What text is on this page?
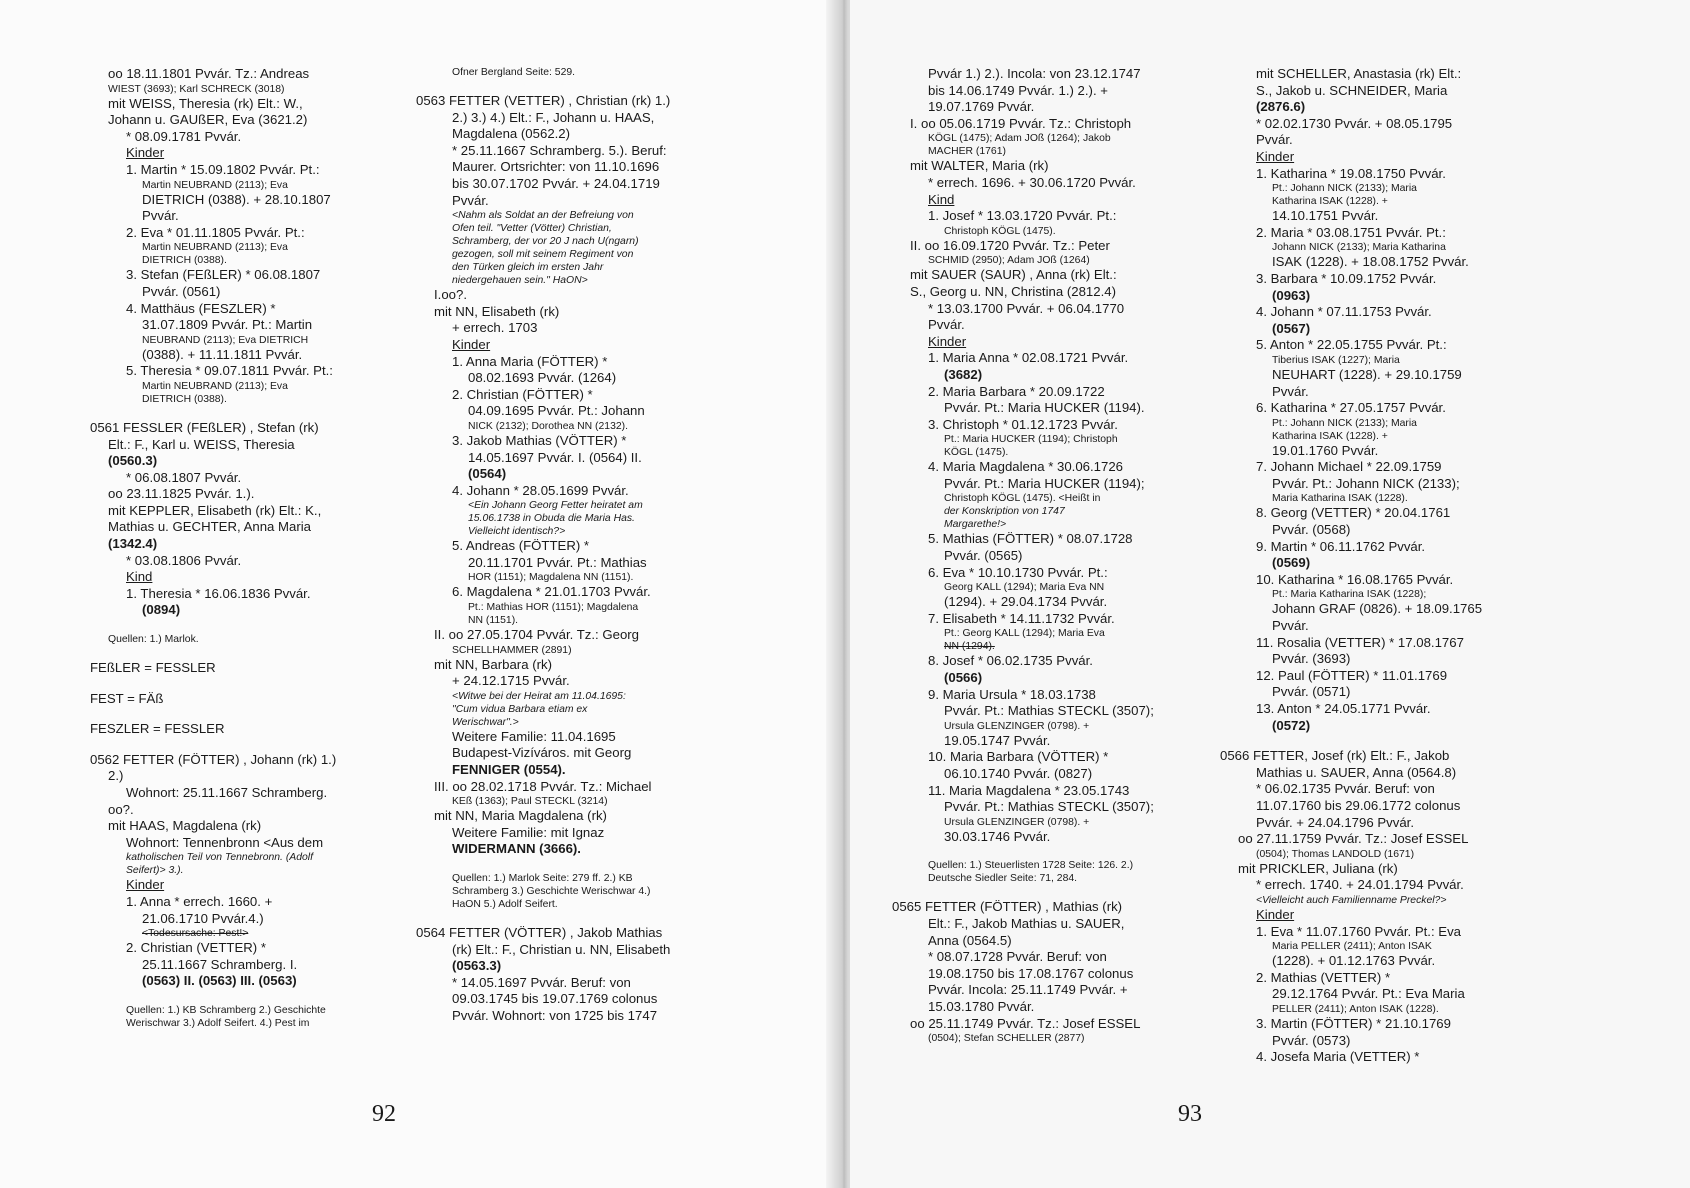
oo 18.11.1801 Pvvár. Tz.: Andreas

WIEST (3693); Karl SCHRECK (3018)

mit WEISS, Theresia (rk) Elt.: W.,

Johann u. GAUßER, Eva (3621.2)

* 08.09.1781 Pvvár.

Kinder

1. Martin * 15.09.1802 Pvvár. Pt.:

Martin NEUBRAND (2113); Eva

DIETRICH (0388). + 28.10.1807

Pvvár.

2. Eva * 01.11.1805 Pvvár. Pt.:

Martin NEUBRAND (2113); Eva

DIETRICH (0388).

3. Stefan (FEßLER) * 06.08.1807

Pvvár. (0561)

4. Matthäus (FESZLER) *

31.07.1809 Pvvár. Pt.: Martin

NEUBRAND (2113); Eva DIETRICH

(0388). + 11.11.1811 Pvvár.

5. Theresia * 09.07.1811 Pvvár. Pt.:

Martin NEUBRAND (2113); Eva

DIETRICH (0388).

0561 FESSLER (FEßLER) , Stefan (rk)

Elt.: F., Karl u. WEISS, Theresia

(0560.3)

* 06.08.1807 Pvvár.

oo 23.11.1825 Pvvár. 1.).

mit KEPPLER, Elisabeth (rk) Elt.: K.,

Mathias u. GECHTER, Anna Maria

(1342.4)

* 03.08.1806 Pvvár.

Kind

1. Theresia * 16.06.1836 Pvvár.

(0894)

Quellen: 1.) Marlok.

FEßLER = FESSLER

FEST = FÄß

FESZLER = FESSLER

0562 FETTER (FÖTTER) , Johann (rk) 1.)

2.)

Wohnort: 25.11.1667 Schramberg.

oo?.

mit HAAS, Magdalena (rk)

Wohnort: Tennenbronn <Aus dem

katholischen Teil von Tennebronn. (Adolf

Seifert)> 3.).

Kinder

1. Anna * errech. 1660. +

21.06.1710 Pvvár.4.)

<Todesursache: Pest!>

2. Christian (VETTER) *

25.11.1667 Schramberg. I.

(0563) II. (0563) III. (0563)

Quellen: 1.) KB Schramberg 2.) Geschichte

Werischwar 3.) Adolf Seifert. 4.) Pest im

Ofner Bergland Seite: 529.

0563 FETTER (VETTER) , Christian (rk) 1.)

2.) 3.) 4.) Elt.: F., Johann u. HAAS,

Magdalena (0562.2)

* 25.11.1667 Schramberg. 5.). Beruf:

Maurer. Ortsrichter: von 11.10.1696

bis 30.07.1702 Pvvár. + 24.04.1719

Pvvár.

<Nahm als Soldat an der Befreiung von

Ofen teil. "Vetter (Vötter) Christian,

Schramberg, der vor 20 J nach U(ngarn)

gezogen, soll mit seinem Regiment von

den Türken gleich im ersten Jahr

niedergehauen sein." HaON>

I.oo?.

mit NN, Elisabeth (rk)

+ errech. 1703

Kinder

1. Anna Maria (FÖTTER) *

08.02.1693 Pvvár. (1264)

2. Christian (FÖTTER) *

04.09.1695 Pvvár. Pt.: Johann

NICK (2132); Dorothea NN (2132).

3. Jakob Mathias (VÖTTER) *

14.05.1697 Pvvár. I. (0564) II.

(0564)

4. Johann * 28.05.1699 Pvvár.

<Ein Johann Georg Fetter heiratet am

15.06.1738 in Obuda die Maria Has.

Vielleicht identisch?>

5. Andreas (FÖTTER) *

20.11.1701 Pvvár. Pt.: Mathias

HOR (1151); Magdalena NN (1151).

6. Magdalena * 21.01.1703 Pvvár.

Pt.: Mathias HOR (1151); Magdalena

NN (1151).

II. oo 27.05.1704 Pvvár. Tz.: Georg

SCHELLHAMMER (2891)

mit NN, Barbara (rk)

+ 24.12.1715 Pvvár.

<Witwe bei der Heirat am 11.04.1695:

"Cum vidua Barbara etiam ex

Werischwar".>

Weitere Familie: 11.04.1695

Budapest-Vizíváros. mit Georg

FENNIGER (0554).

III. oo 28.02.1718 Pvvár. Tz.: Michael

KEß (1363); Paul STECKL (3214)

mit NN, Maria Magdalena (rk)

Weitere Familie: mit Ignaz

WIDERMANN (3666).

Quellen: 1.) Marlok Seite: 279 ff. 2.) KB

Schramberg 3.) Geschichte Werischwar 4.)

HaON 5.) Adolf Seifert.

0564 FETTER (VÖTTER) , Jakob Mathias

(rk) Elt.: F., Christian u. NN, Elisabeth

(0563.3)

* 14.05.1697 Pvvár. Beruf: von

09.03.1745 bis 19.07.1769 colonus

Pvvár. Wohnort: von 1725 bis 1747

92

Pvvár 1.) 2.). Incola: von 23.12.1747

bis 14.06.1749 Pvvár. 1.) 2.). +

19.07.1769 Pvvár.

I. oo 05.06.1719 Pvvár. Tz.: Christoph

KÖGL (1475); Adam JOß (1264); Jakob

MACHER (1761)

mit WALTER, Maria (rk)

* errech. 1696. + 30.06.1720 Pvvár.

Kind

1. Josef * 13.03.1720 Pvvár. Pt.:

Christoph KÖGL (1475).

II. oo 16.09.1720 Pvvár. Tz.: Peter

SCHMID (2950); Adam JOß (1264)

mit SAUER (SAUR) , Anna (rk) Elt.:

S., Georg u. NN, Christina (2812.4)

* 13.03.1700 Pvvár. + 06.04.1770

Pvvár.

Kinder

1. Maria Anna * 02.08.1721 Pvvár.

(3682)

2. Maria Barbara * 20.09.1722

Pvvár. Pt.: Maria HUCKER (1194).

3. Christoph * 01.12.1723 Pvvár.

Pt.: Maria HUCKER (1194); Christoph

KÖGL (1475).

4. Maria Magdalena * 30.06.1726

Pvvár. Pt.: Maria HUCKER (1194);

Christoph KÖGL (1475). <Heißt in

der Konskription von 1747

Margarethe!>

5. Mathias (FÖTTER) * 08.07.1728

Pvvár. (0565)

6. Eva * 10.10.1730 Pvvár. Pt.:

Georg KALL (1294); Maria Eva NN

(1294). + 29.04.1734 Pvvár.

7. Elisabeth * 14.11.1732 Pvvár.

Pt.: Georg KALL (1294); Maria Eva

NN (1294).

8. Josef * 06.02.1735 Pvvár.

(0566)

9. Maria Ursula * 18.03.1738

Pvvár. Pt.: Mathias STECKL (3507);

Ursula GLENZINGER (0798). +

19.05.1747 Pvvár.

10. Maria Barbara (VÖTTER) *

06.10.1740 Pvvár. (0827)

11. Maria Magdalena * 23.05.1743

Pvvár. Pt.: Mathias STECKL (3507);

Ursula GLENZINGER (0798). +

30.03.1746 Pvvár.

Quellen: 1.) Steuerlisten 1728 Seite: 126. 2.)

Deutsche Siedler Seite: 71, 284.

0565 FETTER (FÖTTER) , Mathias (rk)

Elt.: F., Jakob Mathias u. SAUER,

Anna (0564.5)

* 08.07.1728 Pvvár. Beruf: von

19.08.1750 bis 17.08.1767 colonus

Pvvár. Incola: 25.11.1749 Pvvár. +

15.03.1780 Pvvár.

oo 25.11.1749 Pvvár. Tz.: Josef ESSEL

(0504); Stefan SCHELLER (2877)

mit SCHELLER, Anastasia (rk) Elt.:

S., Jakob u. SCHNEIDER, Maria

(2876.6)

* 02.02.1730 Pvvár. + 08.05.1795

Pvvár.

Kinder

1. Katharina * 19.08.1750 Pvvár.

Pt.: Johann NICK (2133); Maria

Katharina ISAK (1228). +

14.10.1751 Pvvár.

2. Maria * 03.08.1751 Pvvár. Pt.:

Johann NICK (2133); Maria Katharina

ISAK (1228). + 18.08.1752 Pvvár.

3. Barbara * 10.09.1752 Pvvár.

(0963)

4. Johann * 07.11.1753 Pvvár.

(0567)

5. Anton * 22.05.1755 Pvvár. Pt.:

Tiberius ISAK (1227); Maria

NEUHART (1228). + 29.10.1759

Pvvár.

6. Katharina * 27.05.1757 Pvvár.

Pt.: Johann NICK (2133); Maria

Katharina ISAK (1228). +

19.01.1760 Pvvár.

7. Johann Michael * 22.09.1759

Pvvár. Pt.: Johann NICK (2133);

Maria Katharina ISAK (1228).

8. Georg (VETTER) * 20.04.1761

Pvvár. (0568)

9. Martin * 06.11.1762 Pvvár.

(0569)

10. Katharina * 16.08.1765 Pvvár.

Pt.: Maria Katharina ISAK (1228);

Johann GRAF (0826). + 18.09.1765

Pvvár.

11. Rosalia (VETTER) * 17.08.1767

Pvvár. (3693)

12. Paul (FÖTTER) * 11.01.1769

Pvvár. (0571)

13. Anton * 24.05.1771 Pvvár.

(0572)

0566 FETTER, Josef (rk) Elt.: F., Jakob

Mathias u. SAUER, Anna (0564.8)

* 06.02.1735 Pvvár. Beruf: von

11.07.1760 bis 29.06.1772 colonus

Pvvár. + 24.04.1796 Pvvár.

oo 27.11.1759 Pvvár. Tz.: Josef ESSEL

(0504); Thomas LANDOLD (1671)

mit PRICKLER, Juliana (rk)

* errech. 1740. + 24.01.1794 Pvvár.

<Vielleicht auch Familienname Preckel?>

Kinder

1. Eva * 11.07.1760 Pvvár. Pt.: Eva

Maria PELLER (2411); Anton ISAK

(1228). + 01.12.1763 Pvvár.

2. Mathias (VETTER) *

29.12.1764 Pvvár. Pt.: Eva Maria

PELLER (2411); Anton ISAK (1228).

3. Martin (FÖTTER) * 21.10.1769

Pvvár. (0573)

4. Josefa Maria (VETTER) *

93
